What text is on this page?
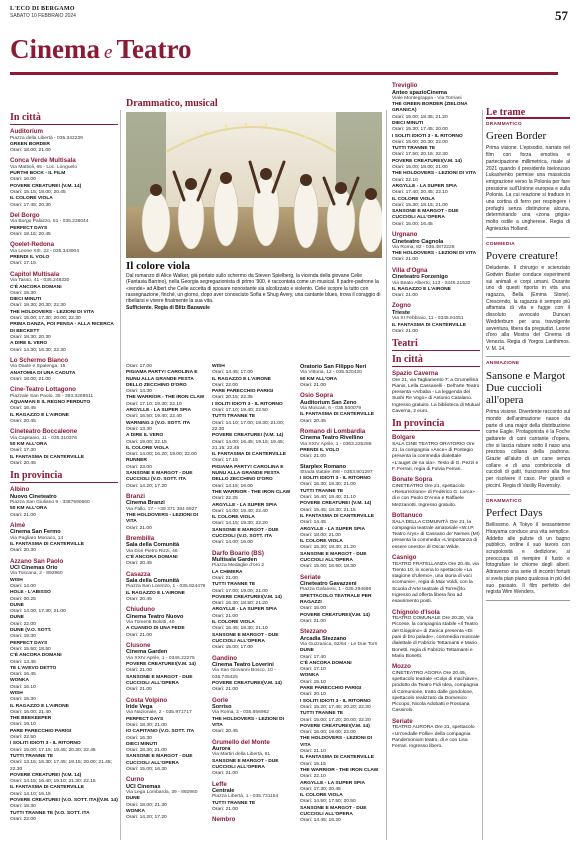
L'ECO DI BERGAMO
SABATO 10 FEBBRAIO 2024	57
Cinema e Teatro
In città
Auditorium
Piazza della Libertà - 035.342239
GREEN BORDER
Orari: 18.00; 21.00
Conca Verde Multisala
Via Mattioli, 65 - Loc. Longuelo
PURTHI BOCK - IL FILM
Orari: 16.00
POVERE CREATURE! (V.M. 14)
Orari: 15.15; 18.00; 20.45
IL COLORE VIOLA
Orari: 17.45; 20.30
Del Borgo
Via Borgo Palazzo, 51 - 035.236044
PERFECT DAYS
Orari: 18.15; 20.45
Qoelet-Redona
Via Leone XIII, 22 - 035.343904
PRENDI IL VOLO
Orari: 17.15
Capitol Multisala
Via Tasso, 41 - 035.248330
C'È ANCORA DOMANI
Orari: 15.30
DIECI MINUTI
Orari: 18.30; 20.30; 22.30
THE HOLDOVERS - LEZIONI DI VITA
Orari: 15.00; 17.30; 20.00; 22.30
PRIMA DANZA, POI PENSA - ALLA RICERCA DI BECKETT
Orari: 18.30; 20.30
A DIRE IL VERO
Orari: 14.30; 16.30; 22.30
Lo Schermo Bianco
Via Daste e Spalenga, 15
ANATOMIA DI UNA CADUTA
Orari: 18.00; 21.00
Cine-Teatro Lottagono
Piazzale San Paolo, 35 - 393.3269511
AQUAMAN E IL REGNO PERDUTO
Orari: 16.45
IL RAGAZZO E L'AIRONE
Orari: 20.45
Cineteatro Boccaleone
Via Capitanio, 11 - 035.310376
50 KM ALL'ORA
Orari: 17.30
IL FANTASMA DI CANTERVILLE
Orari: 20.45
In provincia
Albino
Nuovo Cineteatro
Piazza San Giuliano 9 - 3387590560
50 KM ALL'ORA
Orari: 21.00
Almè
Cinema San Fermo
Via Pagliaro Monaco, 14
IL FANTASMA DI CANTERVILLE
Orari: 20.30
Azzano San Paolo
UCI Cinemas Orio
Via Toscana, 2 - 892960
WISH
Orari: 14.00
HOLE - L'ABISSO
Orari: 00.25
DUNE
Orari: 14.00; 17.30; 21.00
DUNE
Orari: 22.00
DUNE (V.O. SOTT.
Orari: 19.30
PERFECT DAYS
Orari: 15.50; 18.50
C'È ANCORA DOMANI
Orari: 13.45
TE L'AVEVO DETTO
Orari: 16.45
WONKA
Orari: 16.10
WISH
Orari: 15.30
IL RAGAZZO E L'AIRONE
Orari: 16.00; 21.40
THE BEEKEEPER
Orari: 19.10
PARE PARECCHIO PARIGI
Orari: 22.50
I SOLITI IDIOTI 3 - IL RITORNO
Orari: 15.00; 17.15; 19.45; 20.30; 22.45
TUTTI TRANNE TE
Orari: 13.15; 16.30; 17.45; 19.15; 20.00; 21.45; 22.30
POVERE CREATURE! (V.M. 14)
Orari: 14.15; 16.40; 19.10; 21.30; 22.15
IL FANTASMA DI CANTERVILLE
Orari: 14.10; 16.15
POVERE CREATURE! (V.O. SOTT. ITA)(V.M. 14)
Orari: 18.30
TUTTI TRANNE TE (V.O. SOTT. ITA
Orari: 22.00
Drammatico, musical
Il colore viola
Dal romanzo di Alice Walker, già portato sullo schermo da Steven Spielberg, la vicenda della giovane Celie (Fantasia Barrino), nella Georgia segregazionista di primo '900, è raccontata come un musical. Il padre-padrone la «vende» ad Albert che Celie accetta di sposare nonostante sia alcolizzato e violento. Celie scopre la tutto con rassegnazione, finché, un giorno, dopo aver conosciuto Sofia e Shug Avery, una cantante blues, trova il coraggio di ribellarsi e vivere finalmente la sua vita.
Sufficiente. Regia di Blitz Bazawule
Orari: 17.00
PIGIAMA PARTY! CAROLINA E NUNU ALLA GRANDE FESTA DELLO ZECCHINO D'ORO
Orari: 14.30
THE WARRIOR - THE IRON CLAW
Orari: 17.10; 19.30; 22.10
ARGYLLE - LA SUPER SPIA
Orari: 16.50; 19.40; 22.40
WARNING 2 (V.O. SOTT. ITA
Orari: 13.30
A DIRE IL VERO
Orari: 19.00; 22.15
IL COLORE VIOLA
Orari: 14.00; 16.20; 19.00; 22.00
RUNNER
Orari: 23.00
SANSONE E MARGOT - DUE CUCCIOLI (V.O. SOTT. ITA
Orari: 14.20; 17.20
Branzi
Cinema Branzi
Via Fallo, 17 - +39 371 384 6927
THE HOLDOVERS - LEZIONI DI VITA
Orari: 21.00
Brembilla
Sala della Comunità
Via Don Pietro Rizzi, 46
C'È ANCORA DOMANI
Orari: 20.45
Casazza
Sala della Comunità
Piazza San Lorenzo, 1 - 035.824479
IL RAGAZZO E L'AIRONE
Orari: 20.45
Chiuduno
Cinema Teatro Nuovo
Via Tomenti Bolotti, 40
A CUANDO DI UNA FEDE
Orari: 21.00
Clusone
Cinema Garden
Via XXIV Aprile, 1 - 0346.22275
POVERE CREATURE!(V.M. 14)
Orari: 21.00
SANSONE E MARGOT - DUE CUCCIOLI ALL'OPERA
Orari: 21.00
Costa Volpino
Iride Vega
Via Nazionale, 2 - 035.971717
PERFECT DAYS
Orari: 18.30; 21.00
IO CAPITANO (V.O. SOTT. ITA
Orari: 16.30
DIECI MINUTI
Orari: 18.30; 21.00
SANSONE E MARGOT - DUE CUCCIOLI ALL'OPERA
Orari: 15.00; 16.30
Curno
UCI Cinemas
Via Lega Lombarda, 39 - 892960
DUNE
Orari: 18.00; 21.30
WONKA
Orari: 14.20; 17.20
WISH
Orari: 14.45; 17.00
IL RAGAZZO E L'AIRONE
Orari: 22.00
PARE PARECCHIO PARIGI
Orari: 20.15; 22.35
I SOLITI IDIOTI 3 - IL RITORNO
Orari: 17.10; 19.40; 22.50
TUTTI TRANNE TE
Orari: 14.10; 17.00; 19.30; 21.00; 22.30
POVERE CREATURE! (V.M. 14)
Orari: 14.00; 16.45; 19.15; 19.45; 21.15; 22.45
IL FANTASMA DI CANTERVILLE
Orari: 17.15
PIGIAMA PARTY! CAROLINA E NUNU ALLA GRANDE FESTA DELLO ZECCHINO D'ORO
Orari: 14.15; 16.00
THE WARRIOR - THE IRON CLAW
Orari: 22.25
ARGYLLE - LA SUPER SPIA
Orari: 14.00; 19.40; 22.40
IL COLORE VIOLA
Orari: 14.15; 19.30; 22.20
SANSONE E MARGOT - DUE CUCCIOLI (V.O. SOTT. ITA
Orari: 14.00; 16.00
Darfo Boario (BS)
Multisala Garden
Piazza Medaglie d'oro 2
LA CHIMERA
Orari: 21.00
TUTTI TRANNE TE
Orari: 17.00; 19.00; 21.00
POVERE CREATURE!(V.M. 14)
Orari: 16.30; 18.50; 21.20
ARGYLLE - LA SUPER SPIA
Orari: 21.00
IL COLORE VIOLA
Orari: 16.45; 18.30; 21.10
SANSONE E MARGOT - DUE CUCCIOLI ALL'OPERA
Orari: 15.00; 17.00
Gandino
Cinema Teatro Loverini
Via San Giovanni Bosco, 10 - 035.745425
POVERE CREATURE!(V.M. 14)
Orari: 21.00
Gorle
Sorriso
Via Roma, 2 - 035.656962
THE HOLDOVERS - LEZIONI DI VITA
Orari: 20.45
Grumello del Monte
Aurora
Via Martiri della Libertà, 61
SANSONE E MARGOT - DUE CUCCIOLI ALL'OPERA
Orari: 21.00
Leffe
Centrale
Piazza Libertà, 1 - 035.731154
TUTTI TRANNE TE
Orari: 21.00
Nembro
Oratorio San Filippo Neri
Via Vittoria, 12 - 035.520420
50 KM ALL'ORA
Orari: 21.00
Osio Sopra
Auditorium San Zeno
Via Moscari, 6 - 035.500079
IL FANTASMA DI CANTERVILLE
Orari: 20.45
Romano di Lombardia
Cinema Teatro Rivellino
Via XXIV Aprile, 1 - 0363.225289
PRENDI IL VOLO
Orari: 21.00
Starplex Romano
Strada statale 498 - 0363.901297
I SOLITI IDIOTI 3 - IL RITORNO
Orari: 16.30; 18.30; 21.00
TUTTI TRANNE TE
Orari: 16.40; 18.40; 21.10
POVERE CREATURE! (V.M. 14)
Orari: 15.45; 18.30; 21.15
IL FANTASMA DI CANTERVILLE
Orari: 14.45
ARGYLLE - LA SUPER SPIA
Orari: 18.00; 21.00
IL COLORE VIOLA
Orari: 15.30; 18.30; 21.20
SANSONE E MARGOT - DUE CUCCIOLI ALL'OPERA
Orari: 15.00; 16.50; 18.30
Seriate
Cineteatro Gavazzeni
Piazza Gafanesi, 1 - 035.294666
SPETTACOLO TEATRALE PER RAGAZZI
Orari: 16.00
POVERE CREATURE!(V.M. 14)
Orari: 21.00
Stezzano
Arcadia Stezzano
Via Guzzanica, 62/64 - Le Due Torri
DUNE
Orari: 17.40
C'È ANCORA DOMANI
Orari: 17.10
WONKA
Orari: 15.10
PARE PARECCHIO PARIGI
Orari: 20.10
I SOLITI IDIOTI 3 - IL RITORNO
Orari: 15.20; 17.45; 20.20; 22.30
TUTTI TRANNE TE
Orari: 15.00; 17.20; 20.00; 22.20
POVERE CREATURE!(V.M. 14)
Orari: 16.00; 19.00; 22.00
THE HOLDOVERS - LEZIONI DI VITA
Orari: 21.10
IL FANTASMA DI CANTERVILLE
Orari: 15.15
THE WARRIOR - THE IRON CLAW
Orari: 22.10
ARGYLLE - LA SUPER SPIA
Orari: 17.30; 20.45
IL COLORE VIOLA
Orari: 14.50; 17.50; 20.50
SANSONE E MARGOT - DUE CUCCIOLI ALL'OPERA
Orari: 14.45; 16.20
Treviglio
Anteo spazioCinema
Viale Montegrappa - Via Torriani
THE GREEN BORDER (ZIELONA GRANICA)
Orari: 15.00; 18.35; 21.20
DIECI MINUTI
Orari: 15.30; 17.45; 20.00
I SOLITI IDIOTI 3 - IL RITORNO
Orari: 15.00; 20.30; 22.00
TUTTI TRANNE TE
Orari: 17.50; 20.15; 22.30
POVERE CREATURE!(V.M. 14)
Orari: 15.00; 18.00; 21.00
THE HOLDOVERS - LEZIONI DI VITA
Orari: 22.10
ARGYLLE - LA SUPER SPIA
Orari: 17.40; 20.45; 22.10
IL COLORE VIOLA
Orari: 15.30; 18.15; 21.00
SANSONE E MARGOT - DUE CUCCIOLI ALL'OPERA
Orari: 15.00; 16.45
Urgnano
Cineteatro Cagnola
Via Roma, 82 - 035.4872228
THE HOLDOVERS - LEZIONI DI VITA
Orari: 21.00
Villa d'Ogna
Cineteatro Forzenigo
Via Beato Alberto, 113 - 0346.21532
IL RAGAZZO E L'AIRONE
Orari: 21.00
Zogno
Trieste
Via XI Febbraio, 11 - 0345.91051
IL FANTASMA DI CANTERVILLE
Orari: 21.00
Teatri
In città
Spazio Caverna
Ore 21, via Tagliamento 7: a Grumellina Pianis, Lella Cassanelli - Dell'arte Teatro presenta «Arbaba - La leggenda del Sushi Re Vogo» di Antonio Catalano. Ingresso gratuito. La biblioteca di Mutual Caverna, 2 euro.
In provincia
Bolgare
SALA CINE TEATRO ORATORIO Ore 21, la compagnia «Ance» di Pontegio presenta la commedia dialettale «L'auget de na ola». Testo di G. Pezzi e F. Ferrari, regia di Fulvia Ferrari.
Bonate Sopra
CINETEATRO Ore 21, spettacolo «Resurrezione» di Federico G. Lorca» di e con Paolo D'Anna e Raffaele Mezzanotti. Ingresso gratuito.
Bottanuco
SALA DELLA COMUNITÀ Ore 21, la compagnia teatrale amatoriale «W.I.P. Teatro Arys» di Cassano de' Nemes (MI) presenta la commedia «L'importanza di essere onesto» di Oscar Wilde.
Casnigo
TEATRO FRATELLANZA Ore 20.45, via Trento 10, in scena lo spettacolo «La stagione d'Ulemo», una storia di voci scomunie», regia di Max Voldi, con la Scuola d'Arte teatrale di Torre@lo. Ingresso ad offerta libera fino ad esaurimento posti.
Chignolo d'Isola
TEATRO COMUNALE Ore 20.30, Via Piccese, la compagnia stabile «Il Teatro del Gioppino» di Zanica presenta «Di pani di bro palade», commedia musicale dialettale di Fabrizio Tettamanti e Mario Bonetti, regia di Fabrizio Tettamanti e Mario Bonetti.
Mozzo
CINETEATRO AGORA Ore 20.45, spettacolo teatrale «Colpi di machiave», prodotto da Teatro Fidi Idea, compagnia di Comunione, tratto dalle gondolone, spettacolo realizzato da Domenico Piccopo, Nicola Adobatti e Rossana Cassirolo.
Seriate
TEATRO AURORA Ore 21, spettacolo «Un'ondalle Follie» della compagnia Pandemonium teatro, di e con Lisa Ferrari. Ingresso libero.
Le trame
DRAMMATICO
Green Border
Prima visione. L'episodio, narrato nel film con forza emotiva e partecipazione millimetrica, risale al 2021 quando il presidente bielorusso Lukashenko permise una massiccia emigrazione verso la Polonia per fare pressione sull'Unione europea e sulla Polonia. La cui reazione si traduce in una cortina di ferro per respingere i profughi senza distinzione alcuna, determinando una «zona grigia» molto ostile a ungherese. Regia di Agnieszka Holland.
COMMEDIA
Povere creature!
Deludente. Il chirurgo e scienziato Godwin Baxter conduce esperimenti sui animali e corpi umani. Durante uno di questi riporta in vita una ragazza, Bella (Emma Stone). Crescendo, la ragazza è sempre più affamata di vita e fugge con il dissoluto avvocato Duncan Wedderburn per una travolgente avventura, libera da pregiudizi. Leone d'oro alla Mostra del Cinema di Venezia. Regia di Yorgos Lanthimos. V. M. 14.
ANIMAZIONE
Sansone e Margot Due cuccioli all'opera
Prima visione. Divertente racconto sul mondo dell'animazione nasce da parte di una major della distribuzione come Eagle. Protagonista è la Foche gattarete di cani cantante d'opera, che si lascia rubare sotto il naso una preziosa collana della padrona. Grazie all'aiuto di un cane senza collare e di una combriccola di cuccioli di gatti, riusciranno alla fine per risolvere il caso. Per grandi e piccini. Regia di Vasiliy Rovensky.
DRAMMATICO
Perfect Days
Bellissimo. A Tokyo il sessantenne Hirayama conduce una vita semplice. Addetto alle pulizie di un bagno pubblico, ordine il suo lavoro con scrupolosità e dedizione, si preoccupa di riempire il fusto e fotografare le chiome degli alberi. Attraverso una serie di incontri fortuiti si svela pian piano qualcosa in più del suo passato. Il film perfetto del regista Wim Wenders.
